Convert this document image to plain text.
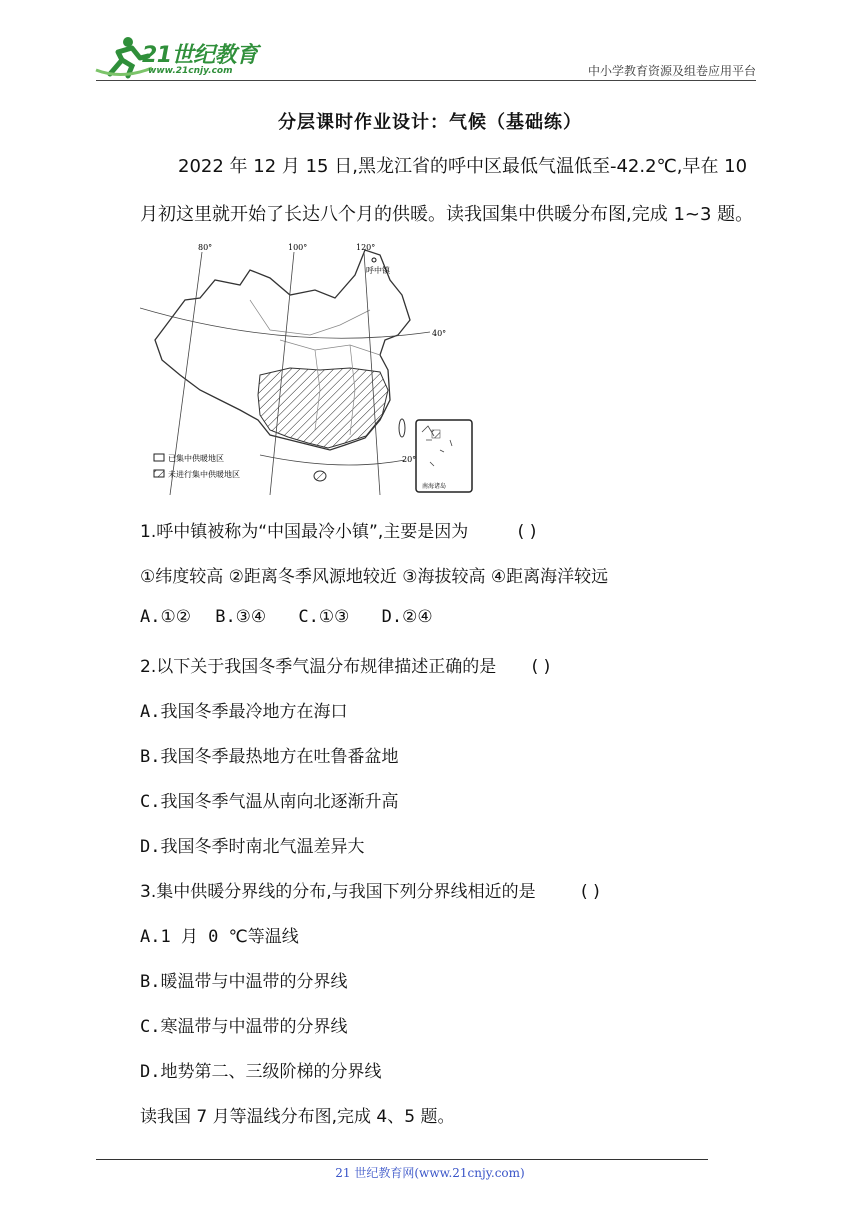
21世纪教育
www.21cnjy.com	中小学教育资源及组卷应用平台
分层课时作业设计：气候（基础练）
2022 年 12 月 15 日,黑龙江省的呼中区最低气温低至-42.2℃,早在 10
月初这里就开始了长达八个月的供暖。读我国集中供暖分布图,完成 1~3 题。
80°	100°	120°
40°
20°
呼中镇
已集中供暖地区
未进行集中供暖地区
南海诸岛
1.呼中镇被称为“中国最冷小镇”,主要是因为	( )
①纬度较高 ②距离冬季风源地较近 ③海拔较高 ④距离海洋较远
A.①② B.③④ C.①③ D.②④
2.以下关于我国冬季气温分布规律描述正确的是 ( )
A.我国冬季最冷地方在海口
B.我国冬季最热地方在吐鲁番盆地
C.我国冬季气温从南向北逐渐升高
D.我国冬季时南北气温差异大
3.集中供暖分界线的分布,与我国下列分界线相近的是	( )
A.1 月 0 ℃等温线
B.暖温带与中温带的分界线
C.寒温带与中温带的分界线
D.地势第二、三级阶梯的分界线
读我国 7 月等温线分布图,完成 4、5 题。
21 世纪教育网(www.21cnjy.com)
